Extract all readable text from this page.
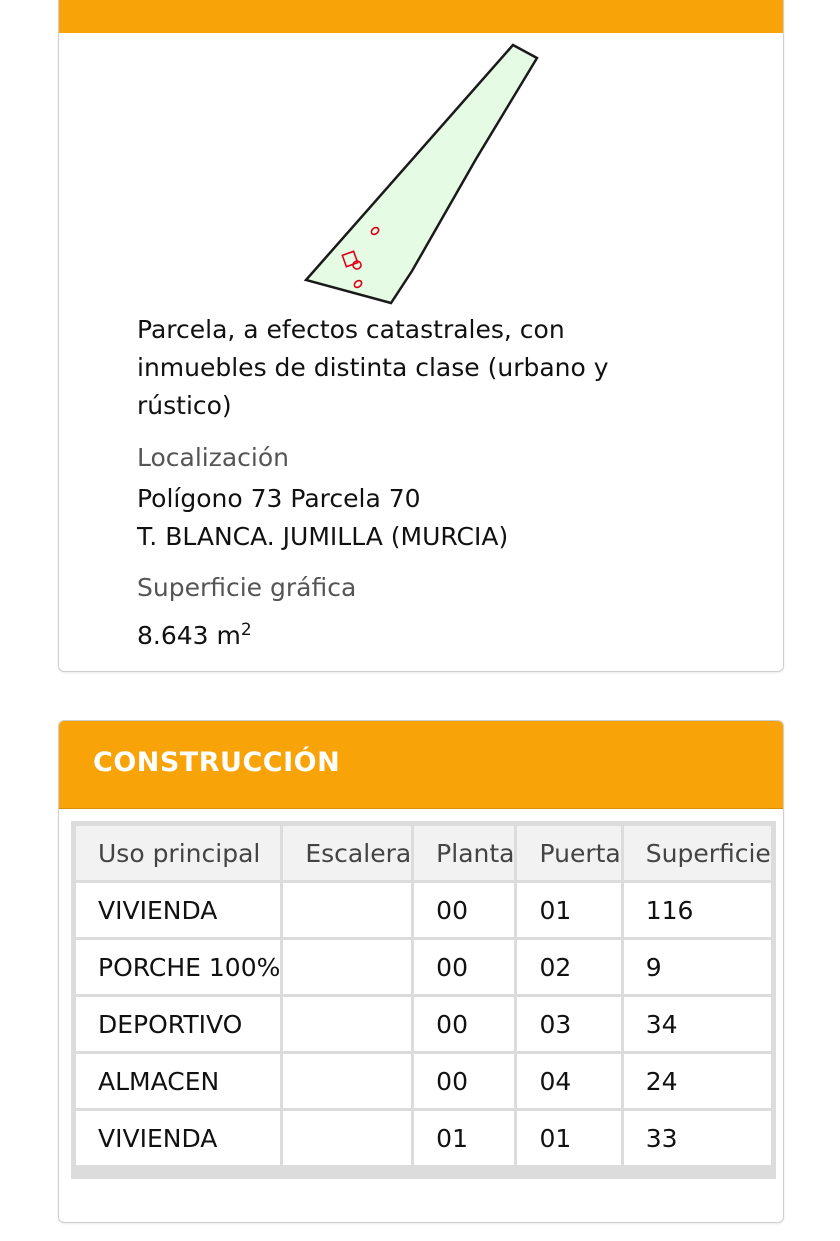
Parcela, a efectos catastrales, con inmuebles de distinta clase (urbano y rústico)
Localización
Polígono 73 Parcela 70
T. BLANCA. JUMILLA (MURCIA)
Superficie gráfica
8.643 $m^2$
CONSTRUCCIÓN
Uso principal	Escalera	Planta	Puerta	Superficie
VIVIENDA		00	01	116
PORCHE 100%		00	02	9
DEPORTIVO		00	03	34
ALMACEN		00	04	24
VIVIENDA		01	01	33
